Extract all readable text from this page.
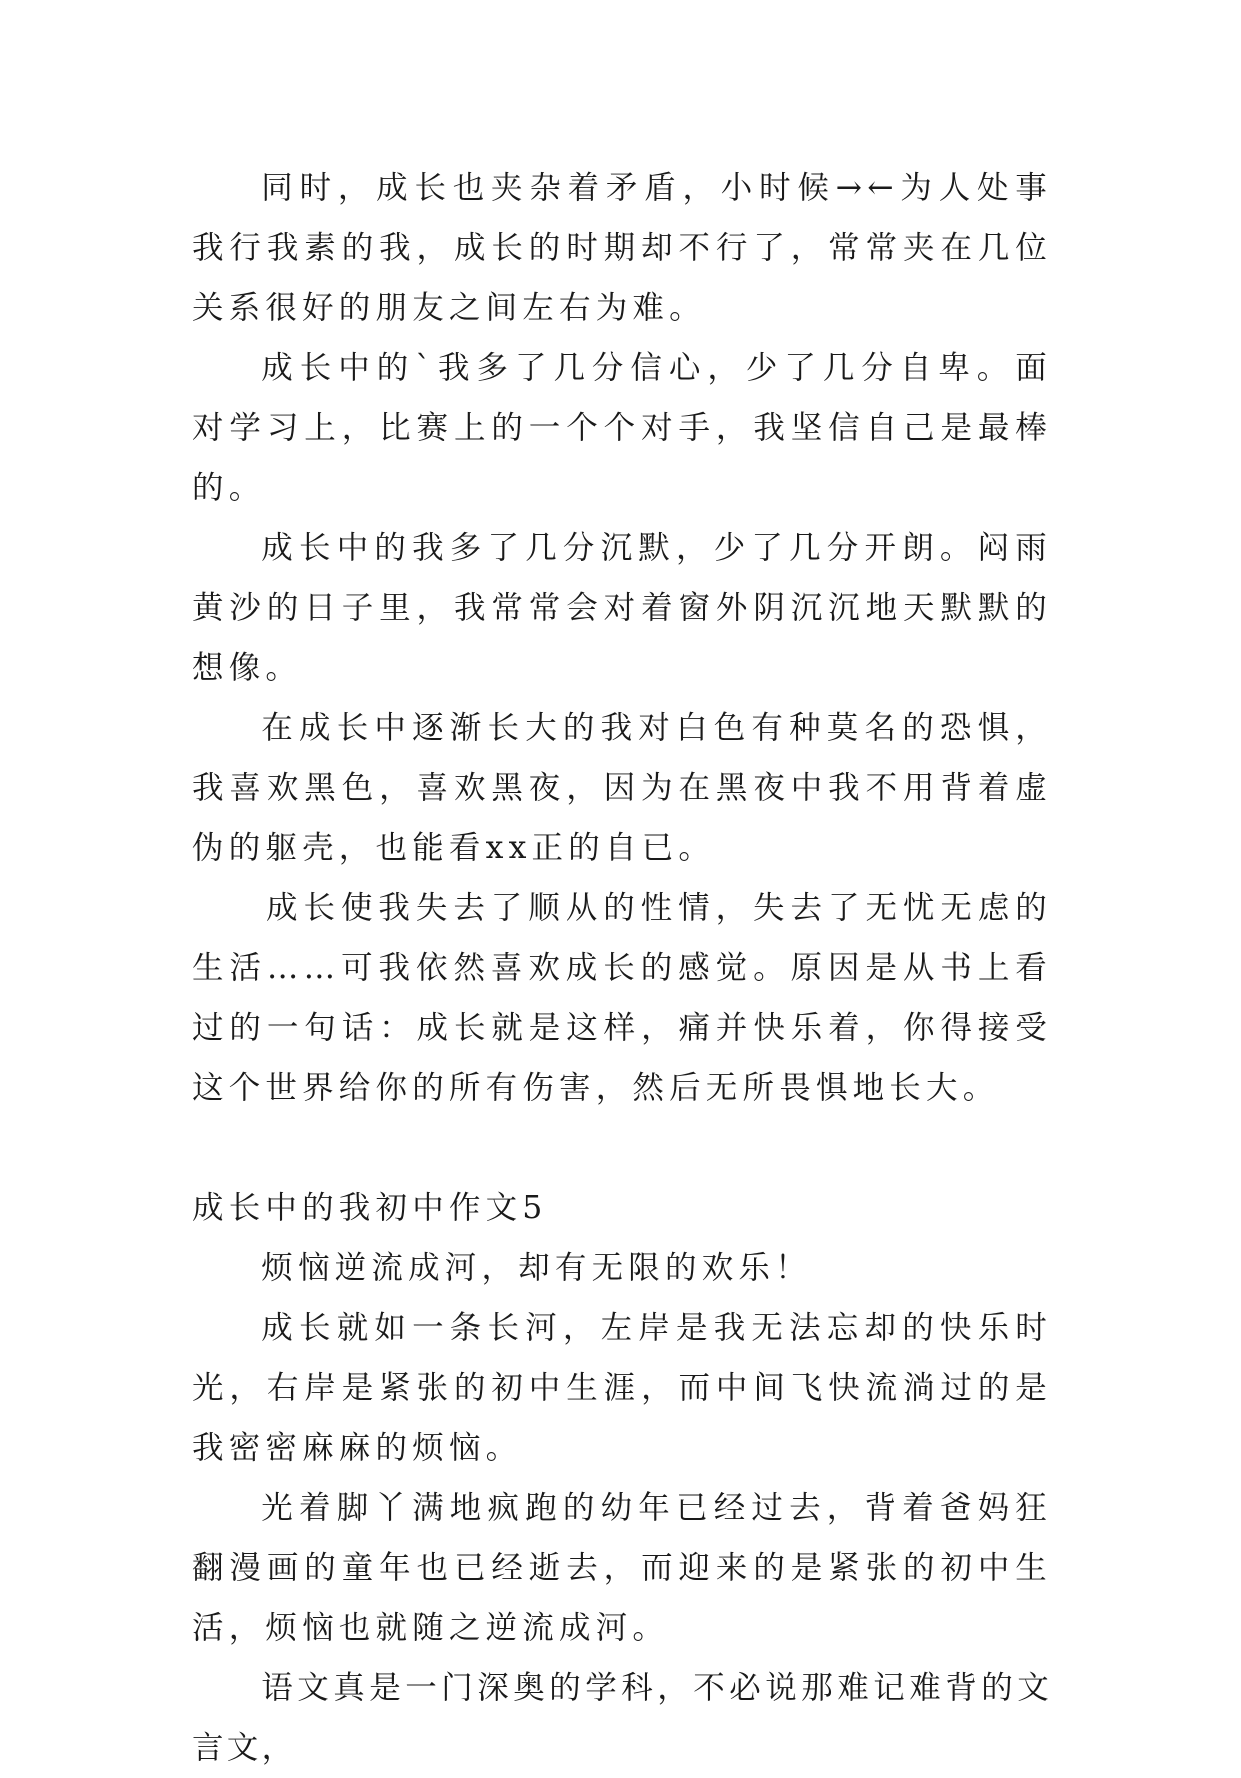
同时，成长也夹杂着矛盾，小时候→←为人处事我行我素的我，成长的时期却不行了，常常夹在几位关系很好的朋友之间左右为难。

成长中的`我多了几分信心，少了几分自卑。面对学习上，比赛上的一个个对手，我坚信自己是最棒的。

成长中的我多了几分沉默，少了几分开朗。闷雨黄沙的日子里，我常常会对着窗外阴沉沉地天默默的想像。

在成长中逐渐长大的我对白色有种莫名的恐惧，我喜欢黑色，喜欢黑夜，因为在黑夜中我不用背着虚伪的躯壳，也能看xx正的自已。

成长使我失去了顺从的性情，失去了无忧无虑的生活……可我依然喜欢成长的感觉。原因是从书上看过的一句话：成长就是这样，痛并快乐着，你得接受这个世界给你的所有伤害，然后无所畏惧地长大。

成长中的我初中作文5

烦恼逆流成河，却有无限的欢乐！

成长就如一条长河，左岸是我无法忘却的快乐时光，右岸是紧张的初中生涯，而中间飞快流淌过的是我密密麻麻的烦恼。

光着脚丫满地疯跑的幼年已经过去，背着爸妈狂翻漫画的童年也已经逝去，而迎来的是紧张的初中生活，烦恼也就随之逆流成河。

语文真是一门深奥的学科，不必说那难记难背的文言文，
